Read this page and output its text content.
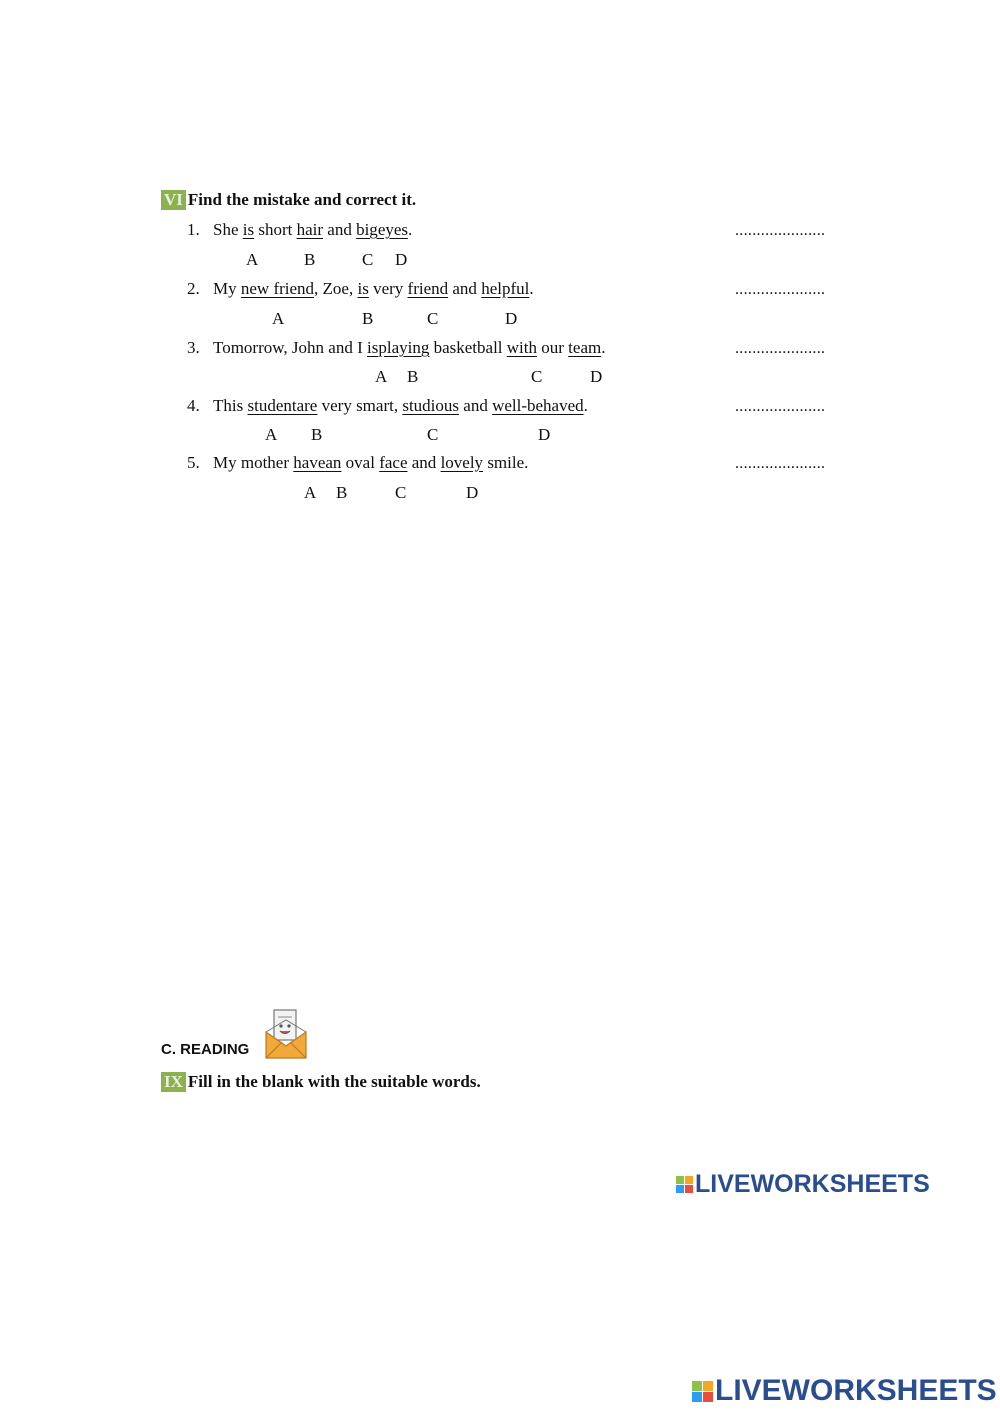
VI Find the mistake and correct it.
1. She is short hair and bigeyes.	.....................
A	B	C D
2. My new friend, Zoe, is very friend and helpful.	.....................
A	B	C	D
3. Tomorrow, John and I isplaying basketball with our team.	.....................
A B	C	D
4. This studentare very smart, studious and well-behaved.	.....................
A B	C	D
5. My mother havean oval face and lovely smile.	.....................
A B	C	D
C. READING
IX Fill in the blank with the suitable words.
LIVEWORKSHEETS
LIVEWORKSHEETS
